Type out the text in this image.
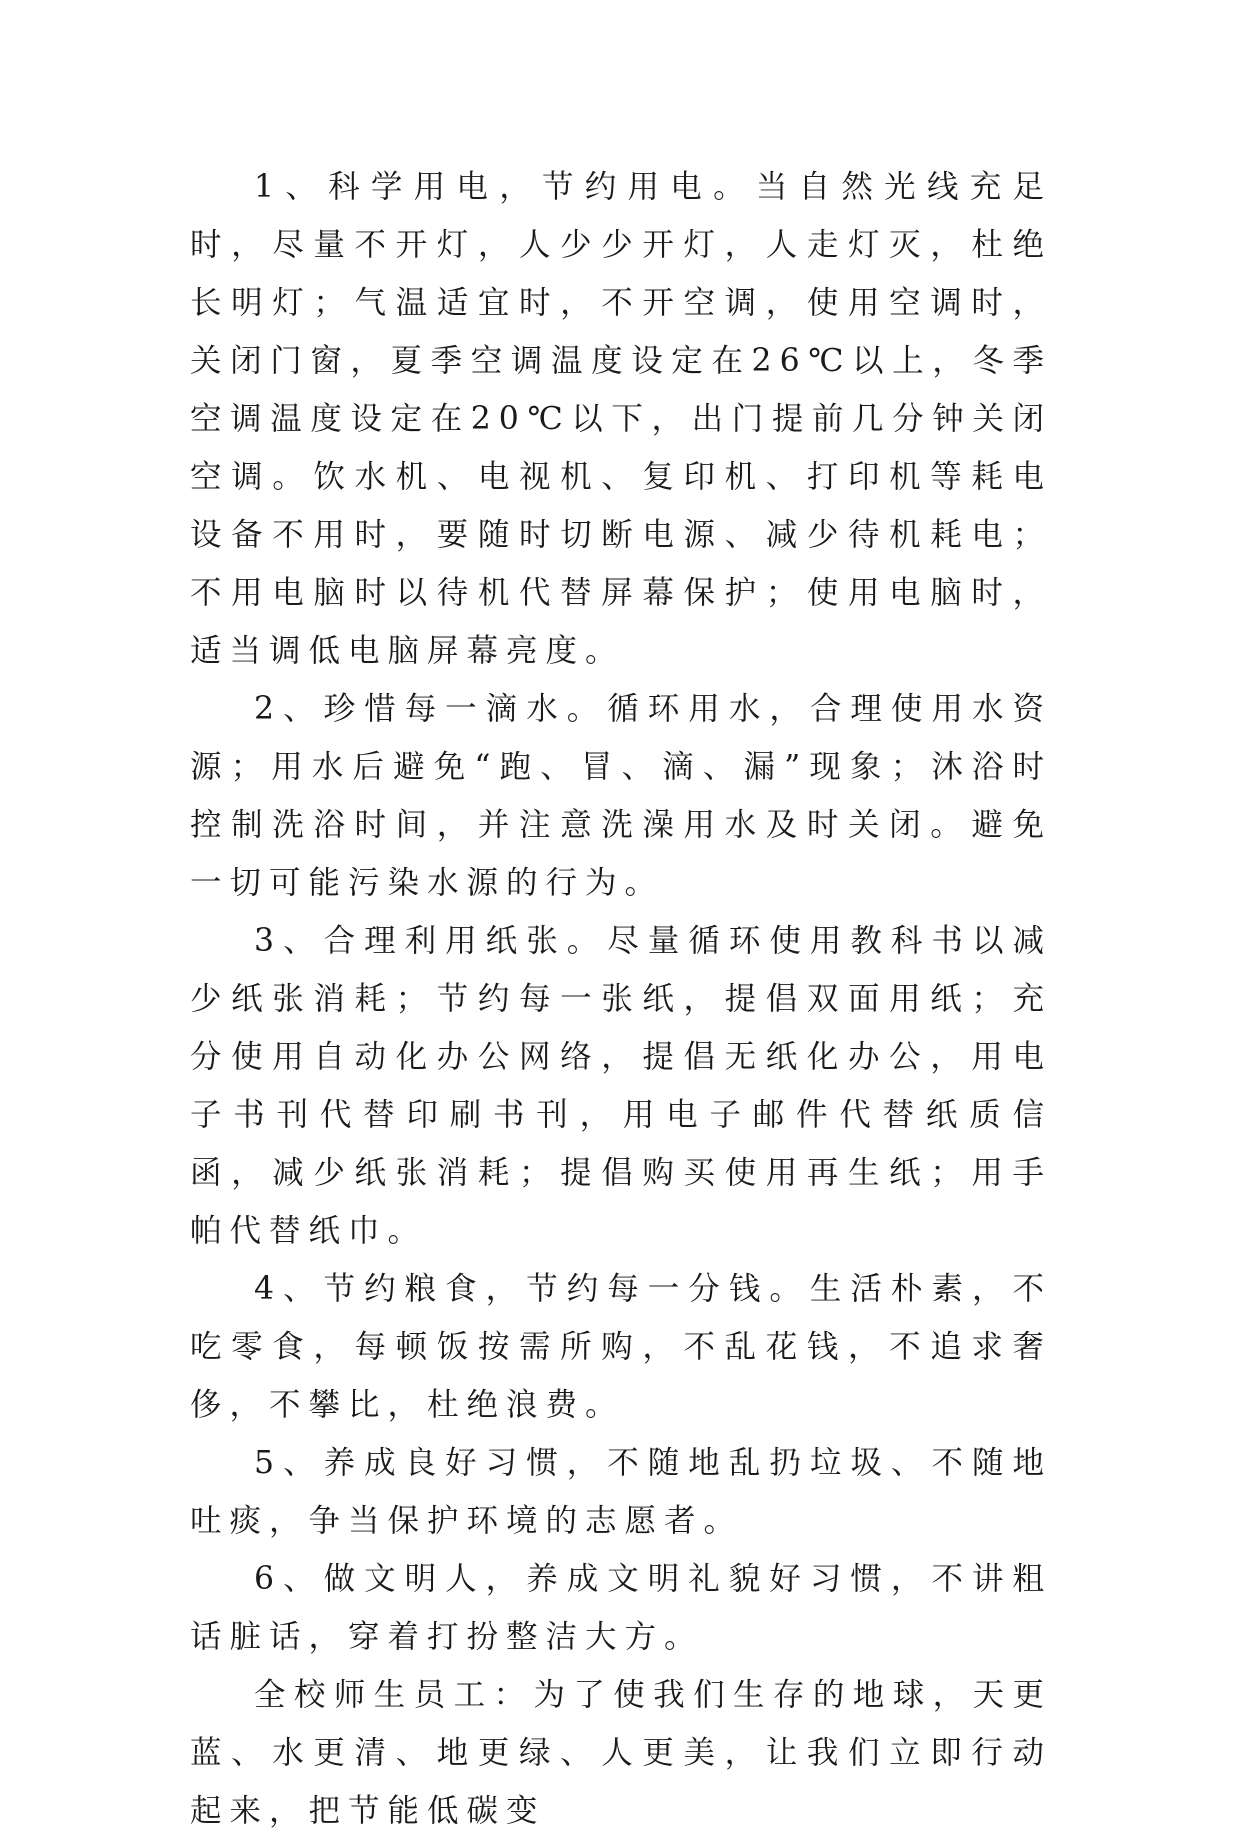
1、科学用电，节约用电。当自然光线充足时，尽量不开灯，人少少开灯，人走灯灭，杜绝长明灯；气温适宜时，不开空调，使用空调时，关闭门窗，夏季空调温度设定在26℃以上，冬季空调温度设定在20℃以下，出门提前几分钟关闭空调。饮水机、电视机、复印机、打印机等耗电设备不用时，要随时切断电源、减少待机耗电；不用电脑时以待机代替屏幕保护；使用电脑时，适当调低电脑屏幕亮度。

2、珍惜每一滴水。循环用水，合理使用水资源；用水后避免“跑、冒、滴、漏”现象；沐浴时控制洗浴时间，并注意洗澡用水及时关闭。避免一切可能污染水源的行为。

3、合理利用纸张。尽量循环使用教科书以减少纸张消耗；节约每一张纸，提倡双面用纸；充分使用自动化办公网络，提倡无纸化办公，用电子书刊代替印刷书刊，用电子邮件代替纸质信函，减少纸张消耗；提倡购买使用再生纸；用手帕代替纸巾。

4、节约粮食，节约每一分钱。生活朴素，不吃零食，每顿饭按需所购，不乱花钱，不追求奢侈，不攀比，杜绝浪费。

5、养成良好习惯，不随地乱扔垃圾、不随地吐痰，争当保护环境的志愿者。

6、做文明人，养成文明礼貌好习惯，不讲粗话脏话，穿着打扮整洁大方。

全校师生员工：为了使我们生存的地球，天更蓝、水更清、地更绿、人更美，让我们立即行动起来，把节能低碳变
